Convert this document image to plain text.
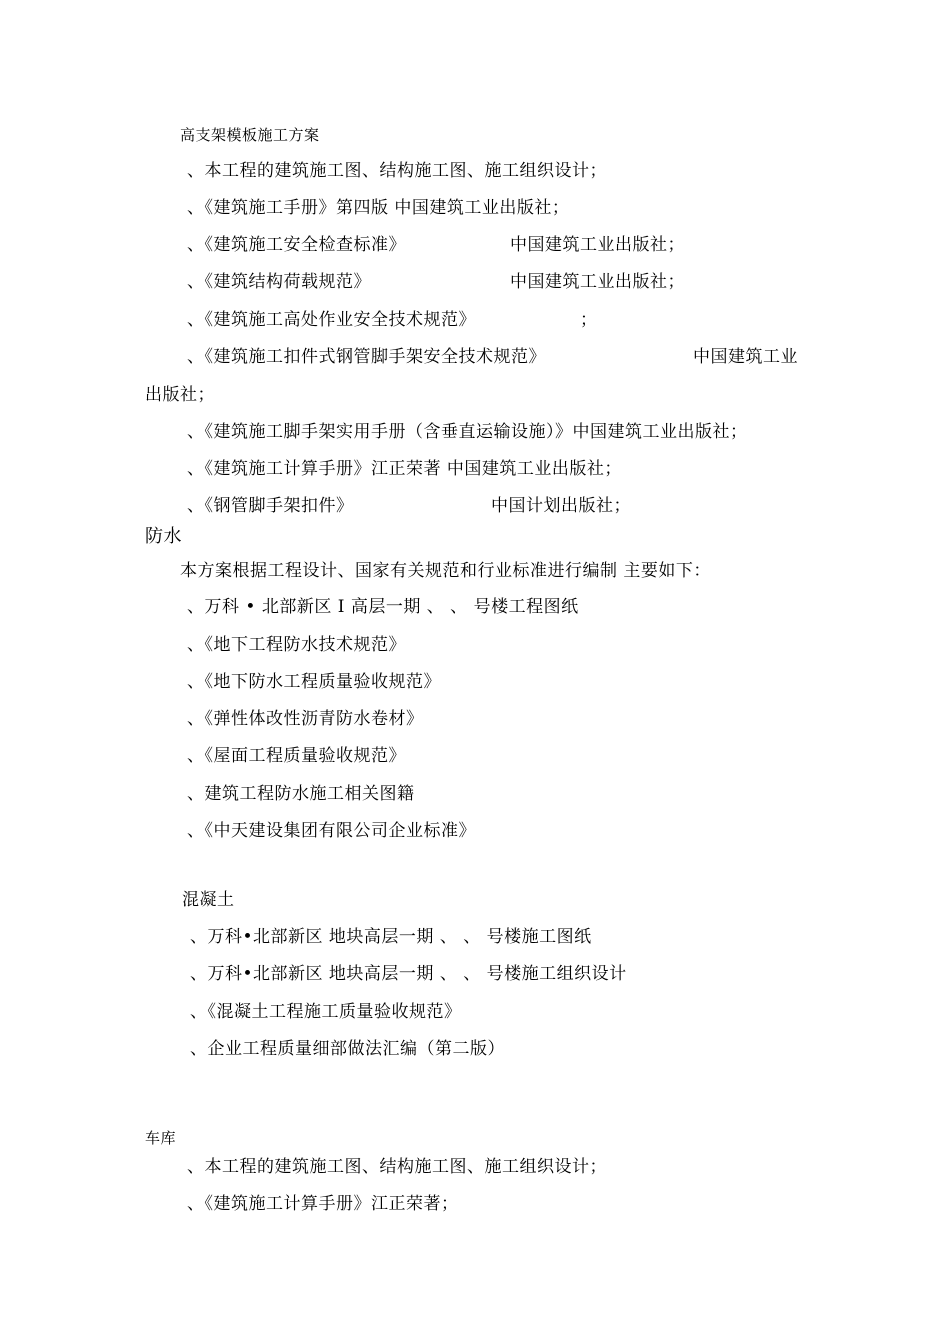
高支架模板施工方案
、本工程的建筑施工图、结构施工图、施工组织设计；
、《建筑施工手册》第四版 中国建筑工业出版社；
、《建筑施工安全检查标准》	中国建筑工业出版社；
、《建筑结构荷载规范》	中国建筑工业出版社；
、《建筑施工高处作业安全技术规范》	；
、《建筑施工扣件式钢管脚手架安全技术规范》	中国建筑工业
出版社；
、《建筑施工脚手架实用手册（含垂直运输设施）》中国建筑工业出版社；
、《建筑施工计算手册》江正荣著 中国建筑工业出版社；
、《钢管脚手架扣件》	中国计划出版社；
防水
本方案根据工程设计、国家有关规范和行业标准进行编制 主要如下：
、万科 • 北部新区 I 高层一期 、 、 号楼工程图纸
、《地下工程防水技术规范》
、《地下防水工程质量验收规范》
、《弹性体改性沥青防水卷材》
、《屋面工程质量验收规范》
、建筑工程防水施工相关图籍
、《中天建设集团有限公司企业标准》
混凝土
、万科•北部新区 地块高层一期 、 、 号楼施工图纸
、万科•北部新区 地块高层一期 、 、 号楼施工组织设计
、《混凝土工程施工质量验收规范》
、企业工程质量细部做法汇编（第二版）
车库
、本工程的建筑施工图、结构施工图、施工组织设计；
、《建筑施工计算手册》江正荣著；
